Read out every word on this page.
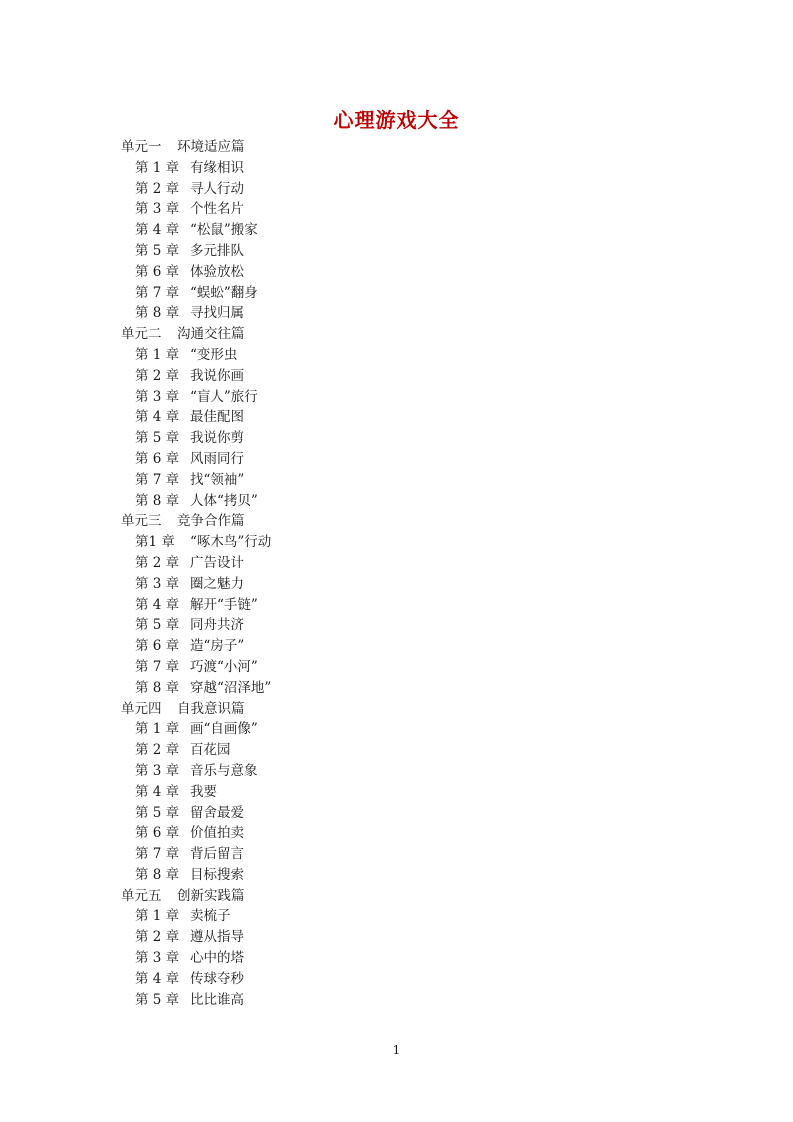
心理游戏大全
单元一 环境适应篇
第 1 章 有缘相识
第 2 章 寻人行动
第 3 章 个性名片
第 4 章 “松鼠”搬家
第 5 章 多元排队
第 6 章 体验放松
第 7 章 “蜈蚣”翻身
第 8 章 寻找归属
单元二 沟通交往篇
第 1 章 “变形虫
第 2 章 我说你画
第 3 章 “盲人”旅行
第 4 章 最佳配图
第 5 章 我说你剪
第 6 章 风雨同行
第 7 章 找“领袖”
第 8 章 人体“拷贝”
单元三 竞争合作篇
第1 章 “啄木鸟”行动
第 2 章 广告设计
第 3 章 圈之魅力
第 4 章 解开“手链”
第 5 章 同舟共济
第 6 章 造“房子”
第 7 章 巧渡“小河”
第 8 章 穿越“沼泽地”
单元四 自我意识篇
第 1 章 画“自画像”
第 2 章 百花园
第 3 章 音乐与意象
第 4 章 我要
第 5 章 留舍最爱
第 6 章 价值拍卖
第 7 章 背后留言
第 8 章 目标搜索
单元五 创新实践篇
第 1 章 卖梳子
第 2 章 遵从指导
第 3 章 心中的塔
第 4 章 传球夺秒
第 5 章 比比谁高
1
